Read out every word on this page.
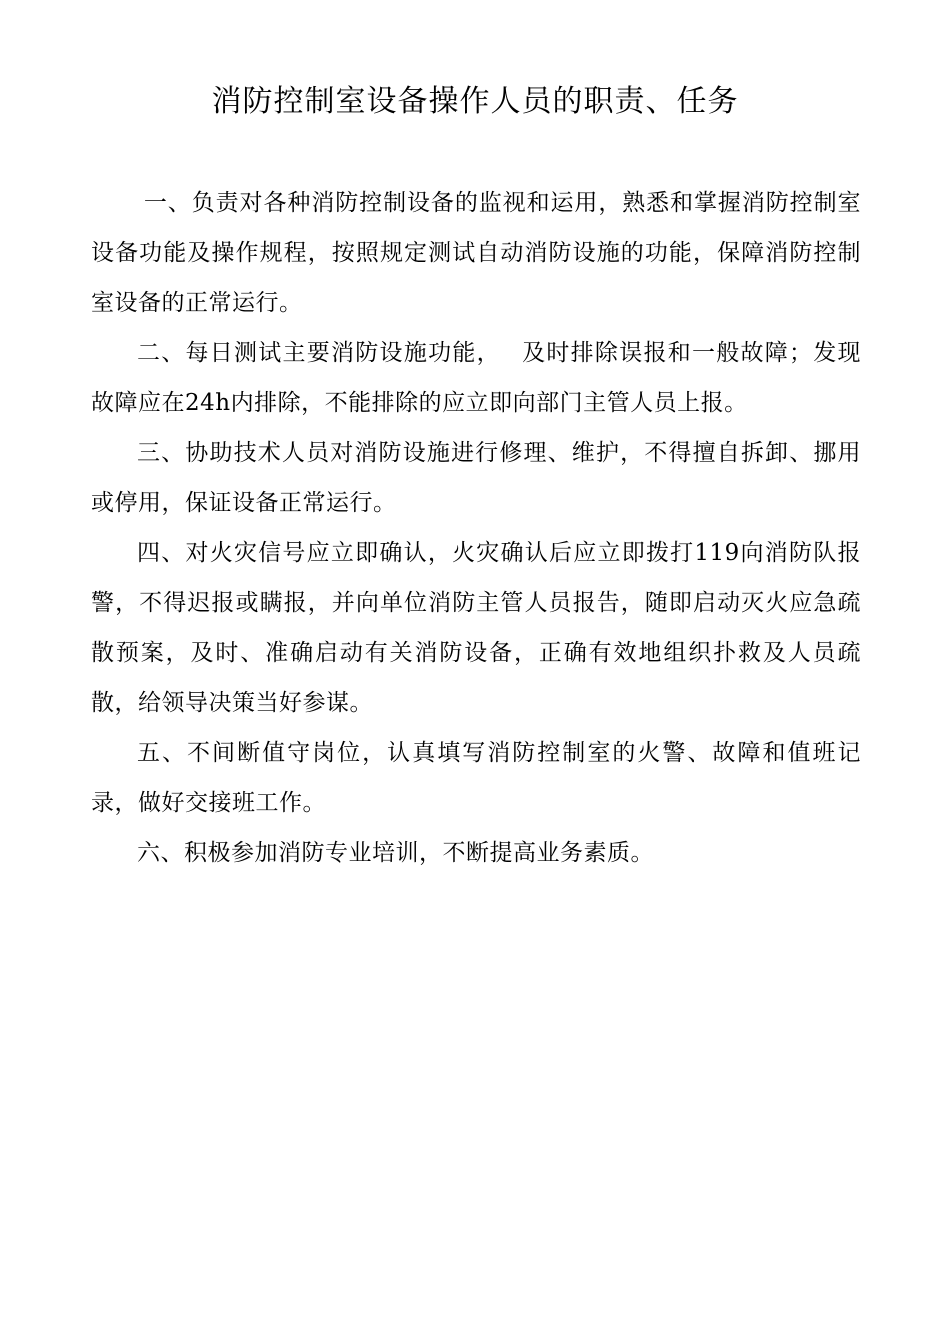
消防控制室设备操作人员的职责、任务

一、负责对各种消防控制设备的监视和运用，熟悉和掌握消防控制室设备功能及操作规程，按照规定测试自动消防设施的功能，保障消防控制室设备的正常运行。

二、每日测试主要消防设施功能，　 及时排除误报和一般故障；发现故障应在24h内排除，不能排除的应立即向部门主管人员上报。

三、协助技术人员对消防设施进行修理、维护，不得擅自拆卸、挪用或停用，保证设备正常运行。

四、对火灾信号应立即确认，火灾确认后应立即拨打119向消防队报警，不得迟报或瞒报，并向单位消防主管人员报告，随即启动灭火应急疏散预案，及时、准确启动有关消防设备，正确有效地组织扑救及人员疏散，给领导决策当好参谋。

五、不间断值守岗位，认真填写消防控制室的火警、故障和值班记录，做好交接班工作。

六、积极参加消防专业培训，不断提高业务素质。
